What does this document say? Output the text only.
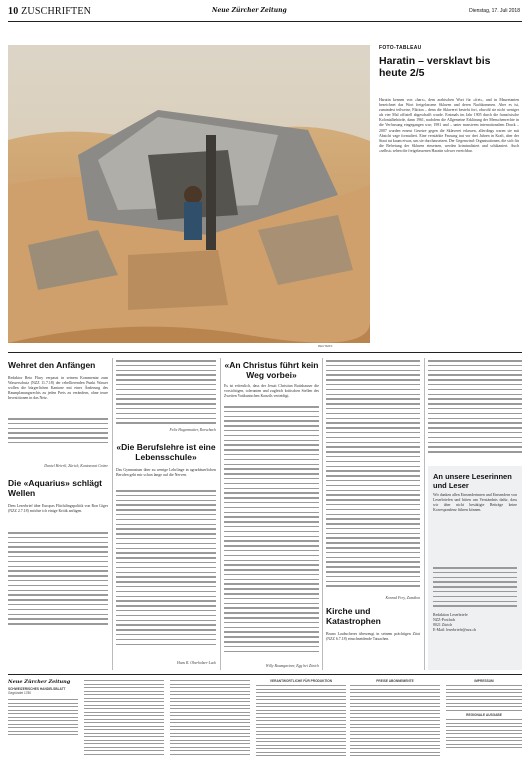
10 ZUSCHRIFTEN	Neue Zürcher Zeitung	Dienstag, 17. Juli 2018
REUTERS
FOTO-TABLEAU
Haratin – versklavt bis heute 2/5
Haratin kennen von «harr», dem arabischen Wort für «frei», und in Mauretanien bezeichnet das Wort freigelassene Sklaven und deren Nachkommen. Aber es ist, zumindest teilweise, Fiktion – denn die Sklaverei besteht fort, obwohl sie nicht weniger als vier Mal offiziell abgeschafft wurde. Erstmals im Jahr 1905 durch die französische Kolonialbehörde, dann 1961, nachdem die Allgemeine Erklärung der Menschenrechte in die Verfassung eingegangen war; 1981 und – unter massivem internationalem Druck – 2007 wurden erneut Gesetze gegen die Sklaverei erlassen, allerdings waren sie mit Absicht vage formuliert. Eine verstärkte Fassung trat vor drei Jahren in Kraft, aber der Staat tut kaum etwas, um sie durchzusetzen. Der Gegenwind: Organisationen, die sich für die Befreiung der Sklaven einsetzen, werden kriminalisiert und schikaniert. Auch «selbst» sehen die freigelassenen Haratin schwer erreichbar.
Wehret den Anfängen
Redaktor Reto Flury verpasst in seinem Kommentar zum Wasserschutz (NZZ 11.7.18) der rebellierenden Punkt Wasser wollen die bürgerlichen Kantone mit einer Änderung des Raumplanungsrechts zu jeden Preis zu verändern, ohne teure Investitionen in das Netz.
Daniel Heierli, Zürich, Kantonsrat Grüne
Die «Aquarius» schlägt Wellen
Dem Leserbrief über Europas Flüchtlingspolitik von Ron Giger (NZZ 2.7.18) möchte ich einige Kritik anfügen.
Felix Hugenmatter, Rorschach
«Die Berufslehre ist eine Lebensschule»
Das Gymnasium über zu wenige Lehrlinge in agrarbäuerlichen Berufen geht mir schon lange auf die Nerven.
Hans R. Oberholzer-Luck
«An Christus führt kein Weg vorbei»
Es ist erfreulich, dass der Jesuit Christian Rutishauser die vorsichtigen, toleranten und zugleich kritischen Stellen des Zweiten Vatikanischen Konzils verteidigt.
Willy Baumgartner, Egg bei Zürich
Konrad Frey, Zumikon
Kirche und Katastrophen
Bruno Laubscheres überzeugt in seinem prächtigen Zitat (NZZ 6.7.18) einschneidende Tatsachen.
An unsere Leserinnen und Leser
Wir danken allen Einsenderinnen und Einsendern von Leserbriefen und bitten um Verständnis dafür, dass wir über nicht bestätigte Beiträge keine Korrespondenz führen können.
Redaktion Leserbriefe
NZZ-Postfach
8021 Zürich
E-Mail: leserbriefe@nzz.ch
Neue Zürcher Zeitung
SCHWEIZERISCHES HANDELSBLATT
Gegründet 1780
VERANTWORTLICHE FÜR PRODUKTION	PREISE ABONNEMENTE	IMPRESSUM
REGIONALE AUSGABE
